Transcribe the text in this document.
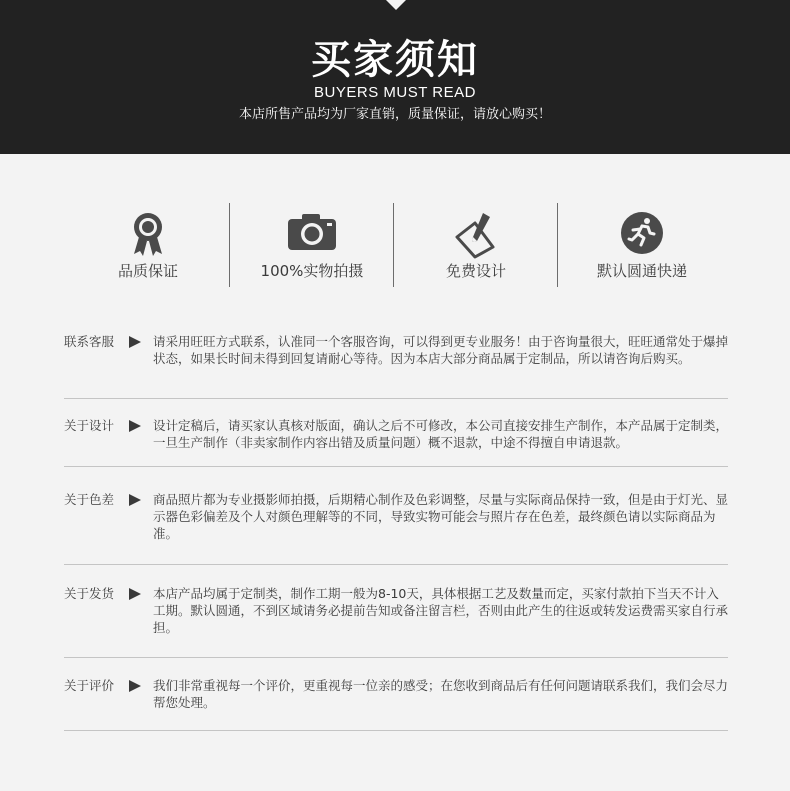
买家须知
BUYERS MUST READ
本店所售产品均为厂家直销，质量保证，请放心购买！
品质保证	100%实物拍摄	免费设计	默认圆通快递
联系客服	请采用旺旺方式联系，认准同一个客服咨询，可以得到更专业服务！由于咨询量很大，旺旺通常处于爆掉状态，如果长时间未得到回复请耐心等待。因为本店大部分商品属于定制品，所以请咨询后购买。
关于设计	设计定稿后，请买家认真核对版面，确认之后不可修改，本公司直接安排生产制作，本产品属于定制类，一旦生产制作（非卖家制作内容出错及质量问题）概不退款，中途不得擅自申请退款。
关于色差	商品照片都为专业摄影师拍摄，后期精心制作及色彩调整，尽量与实际商品保持一致，但是由于灯光、显示器色彩偏差及个人对颜色理解等的不同，导致实物可能会与照片存在色差，最终颜色请以实际商品为准。
关于发货	本店产品均属于定制类，制作工期一般为8-10天，具体根据工艺及数量而定，买家付款拍下当天不计入工期。默认圆通，不到区域请务必提前告知或备注留言栏，否则由此产生的往返或转发运费需买家自行承担。
关于评价	我们非常重视每一个评价，更重视每一位亲的感受；在您收到商品后有任何问题请联系我们，我们会尽力帮您处理。
